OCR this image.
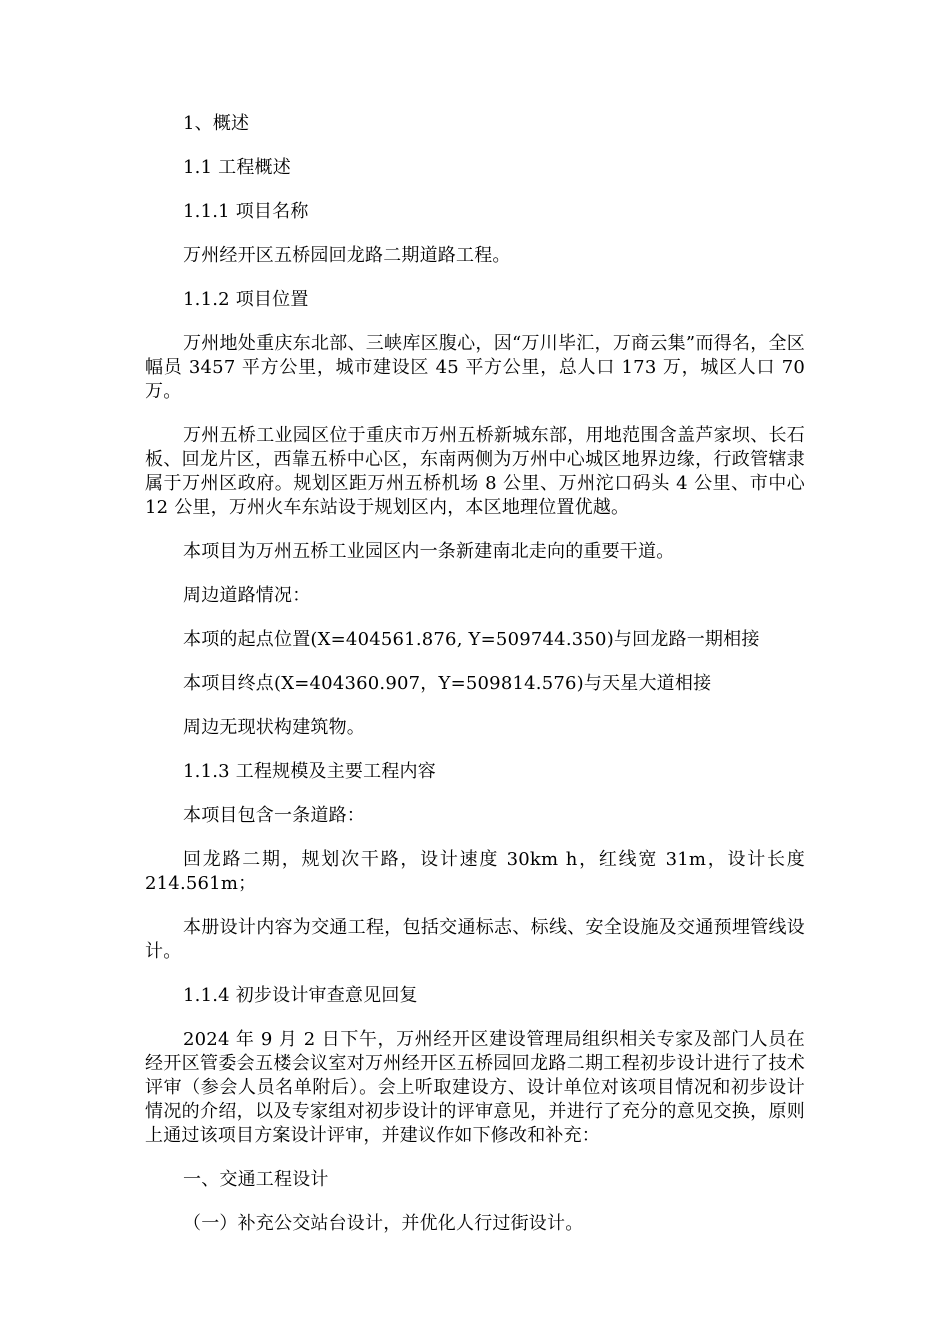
1、概述

1.1 工程概述

1.1.1 项目名称

万州经开区五桥园回龙路二期道路工程。

1.1.2 项目位置

万州地处重庆东北部、三峡库区腹心，因“万川毕汇，万商云集”而得名，全区幅员 3457 平方公里，城市建设区 45 平方公里，总人口 173 万，城区人口 70 万。

万州五桥工业园区位于重庆市万州五桥新城东部，用地范围含盖芦家坝、长石板、回龙片区，西靠五桥中心区，东南两侧为万州中心城区地界边缘，行政管辖隶属于万州区政府。规划区距万州五桥机场 8 公里、万州沱口码头 4 公里、市中心 12 公里，万州火车东站设于规划区内，本区地理位置优越。

本项目为万州五桥工业园区内一条新建南北走向的重要干道。

周边道路情况：

本项的起点位置(X=404561.876, Y=509744.350)与回龙路一期相接

本项目终点(X=404360.907，Y=509814.576)与天星大道相接

周边无现状构建筑物。

1.1.3 工程规模及主要工程内容

本项目包含一条道路：

回龙路二期，规划次干路，设计速度 30km h，红线宽 31m，设计长度 214.561m；

本册设计内容为交通工程，包括交通标志、标线、安全设施及交通预埋管线设计。

1.1.4 初步设计审查意见回复

2024 年 9 月 2 日下午，万州经开区建设管理局组织相关专家及部门人员在经开区管委会五楼会议室对万州经开区五桥园回龙路二期工程初步设计进行了技术评审（参会人员名单附后）。会上听取建设方、设计单位对该项目情况和初步设计情况的介绍，以及专家组对初步设计的评审意见，并进行了充分的意见交换，原则上通过该项目方案设计评审，并建议作如下修改和补充：

一、交通工程设计

（一）补充公交站台设计，并优化人行过街设计。
